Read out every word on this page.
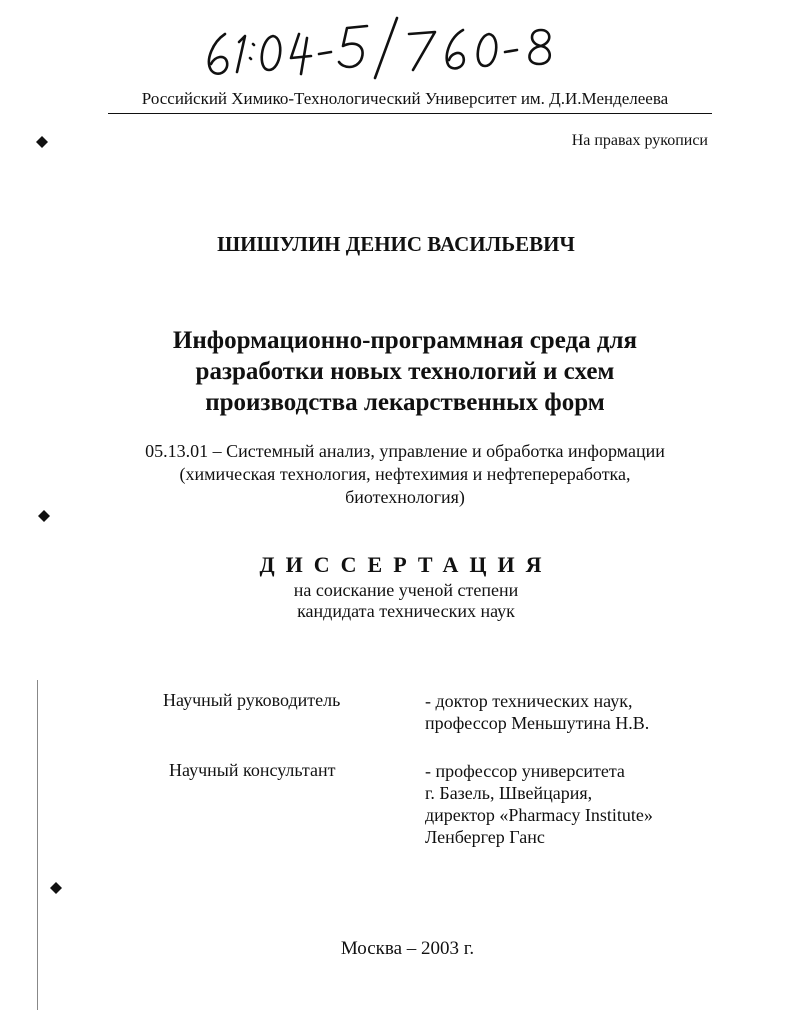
Российский Химико-Технологический Университет им. Д.И.Менделеева
На правах рукописи
ШИШУЛИН ДЕНИС ВАСИЛЬЕВИЧ
Информационно-программная среда для
разработки новых технологий и схем
производства лекарственных форм
05.13.01 – Системный анализ, управление и обработка информации
(химическая технология, нефтехимия и нефтепереработка,
биотехнология)
ДИССЕРТАЦИЯ
на соискание ученой степени
кандидата технических наук
Научный руководитель	- доктор технических наук,
профессор Меньшутина Н.В.
Научный консультант	- профессор университета
г. Базель, Швейцария,
директор «Pharmacy Institute»
Ленбергер Ганс
Москва – 2003 г.
